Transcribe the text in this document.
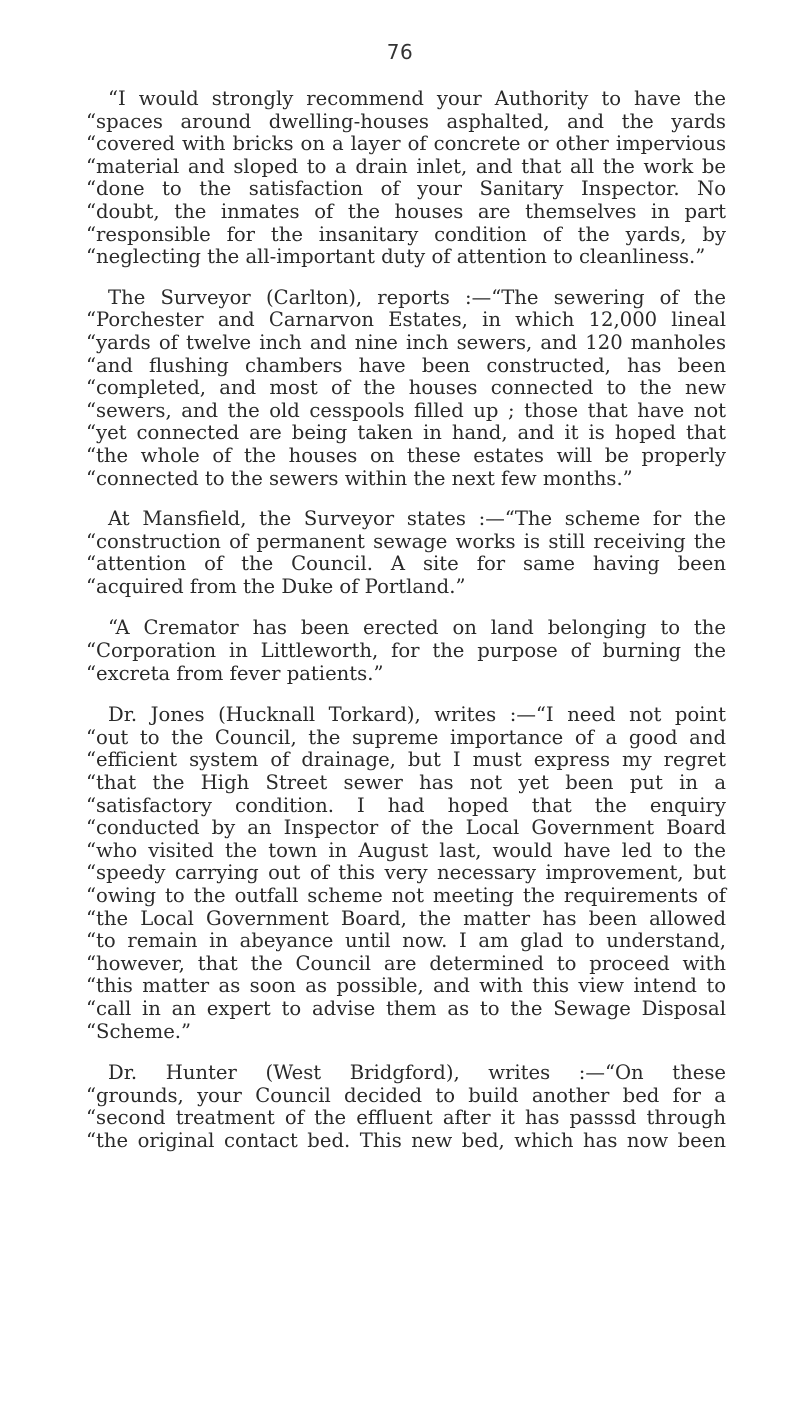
76
“I would strongly recommend your Authority to have the
“spaces around dwelling-houses asphalted, and the yards
“covered with bricks on a layer of concrete or other impervious
“material and sloped to a drain inlet, and that all the work be
“done to the satisfaction of your Sanitary Inspector. No
“doubt, the inmates of the houses are themselves in part
“responsible for the insanitary condition of the yards, by
“neglecting the all-important duty of attention to cleanliness.”
The Surveyor (Carlton), reports :—“The sewering of the
“Porchester and Carnarvon Estates, in which 12,000 lineal
“yards of twelve inch and nine inch sewers, and 120 manholes
“and flushing chambers have been constructed, has been
“completed, and most of the houses connected to the new
“sewers, and the old cesspools filled up ; those that have not
“yet connected are being taken in hand, and it is hoped that
“the whole of the houses on these estates will be properly
“connected to the sewers within the next few months.”
At Mansfield, the Surveyor states :—“The scheme for the
“construction of permanent sewage works is still receiving the
“attention of the Council. A site for same having been
“acquired from the Duke of Portland.”
“A Cremator has been erected on land belonging to the
“Corporation in Littleworth, for the purpose of burning the
“excreta from fever patients.”
Dr. Jones (Hucknall Torkard), writes :—“I need not point
“out to the Council, the supreme importance of a good and
“efficient system of drainage, but I must express my regret
“that the High Street sewer has not yet been put in a
“satisfactory condition. I had hoped that the enquiry
“conducted by an Inspector of the Local Government Board
“who visited the town in August last, would have led to the
“speedy carrying out of this very necessary improvement, but
“owing to the outfall scheme not meeting the requirements of
“the Local Government Board, the matter has been allowed
“to remain in abeyance until now. I am glad to understand,
“however, that the Council are determined to proceed with
“this matter as soon as possible, and with this view intend to
“call in an expert to advise them as to the Sewage Disposal
“Scheme.”
Dr. Hunter (West Bridgford), writes :—“On these
“grounds, your Council decided to build another bed for a
“second treatment of the effluent after it has passsd through
“the original contact bed. This new bed, which has now been
